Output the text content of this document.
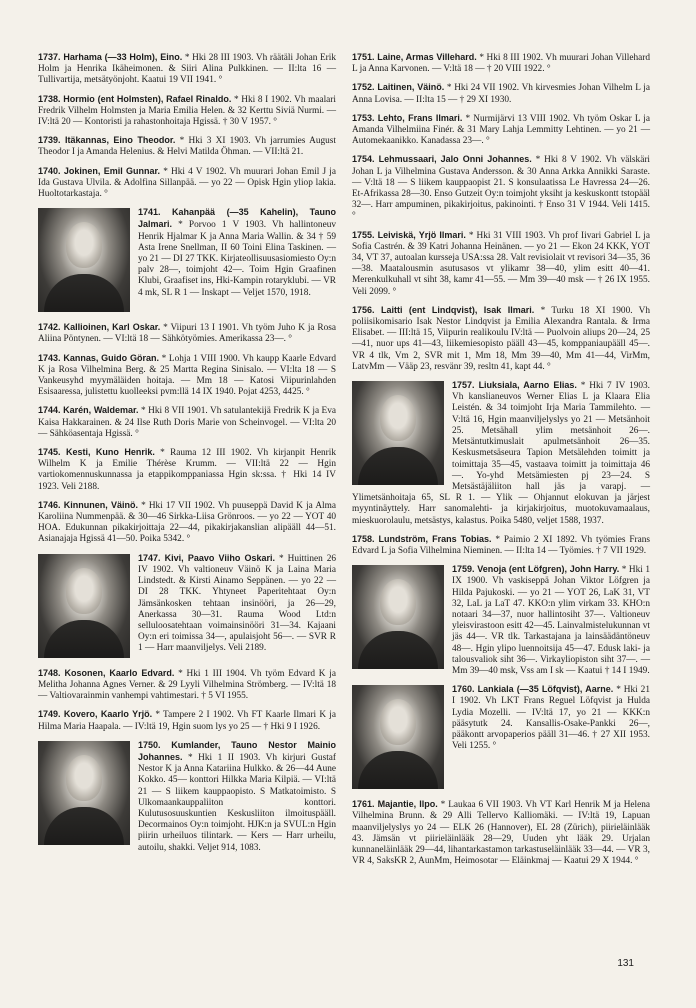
1737. Harhama (—33 Holm), Eino. * Hki 28 III 1903. Vh räätäli Johan Erik Holm ja Henrika Ikäheimonen. & Siiri Alina Pulkkinen. — II:lta 16 — Tullivartija, metsätyönjoht. Kaatui 19 VII 1941. °

1738. Hormio (ent Holmsten), Rafael Rinaldo. * Hki 8 I 1902. Vh maalari Fredrik Vilhelm Holmsten ja Maria Emilia Helen. & 32 Kerttu Siviä Nurmi. — IV:ltä 20 — Kontoristi ja rahastonhoitaja Hgissä. † 30 V 1957. °

1739. Itäkannas, Eino Theodor. * Hki 3 XI 1903. Vh jarrumies August Theodor I ja Amanda Helenius. & Helvi Matilda Öhman. — VII:ltä 21.

1740. Jokinen, Emil Gunnar. * Hki 4 V 1902. Vh muurari Johan Emil J ja Ida Gustava Ulvila. & Adolfina Sillanpää. — yo 22 — Opisk Hgin yliop lakia. Huoltotarkastaja. °

1741. Kahanpää (—35 Kahelin), Tauno Jalmari. * Porvoo 1 V 1903. Vh hallintoneuv Henrik Hjalmar K ja Anna Maria Wallin. & 34 † 59 Asta Irene Snellman, II 60 Toini Elina Taskinen. — yo 21 — DI 27 TKK. Kirjateollisuusasiomiesto Oy:n palv 28—, toimjoht 42—. Toim Hgin Graafinen Klubi, Graafiset ins, Hki-Kampin rotaryklubi. — VR 4 mk, SL R 1 — Inskapt — Veljet 1570, 1918.

1742. Kallioinen, Karl Oskar. * Viipuri 13 I 1901. Vh työm Juho K ja Rosa Aliina Pöntynen. — VI:ltä 18 — Sähkötyömies. Amerikassa 23—. °

1743. Kannas, Guido Göran. * Lohja 1 VIII 1900. Vh kaupp Kaarle Edvard K ja Rosa Vilhelmina Berg. & 25 Martta Regina Sinisalo. — VI:lta 18 — S Vankeusyhd myymäläiden hoitaja. — Mm 18 — Katosi Viipurinlahden Esisaaressa, julistettu kuolleeksi pvm:llä 14 IX 1940. Pojat 4253, 4425. °

1744. Karén, Waldemar. * Hki 8 VII 1901. Vh satulantekijä Fredrik K ja Eva Kaisa Hakkarainen. & 24 Ilse Ruth Doris Marie von Scheinvogel. — VI:lta 20 — Sähköasentaja Hgissä. °

1745. Kesti, Kuno Henrik. * Rauma 12 III 1902. Vh kirjanpit Henrik Wilhelm K ja Emilie Thérèse Krumm. — VII:ltä 22 — Hgin vartiokomennuskunnassa ja etappikomppaniassa Hgin sk:ssa. † Hki 14 IV 1923. Veli 2188.

1746. Kinnunen, Väinö. * Hki 17 VII 1902. Vh puuseppä David K ja Alma Karoliina Nummenpää. & 30—46 Sirkka-Liisa Grönroos. — yo 22 — YOT 40 HOA. Edukunnan pikakirjoittaja 22—44, pikakirjakanslian alipääll 44—51. Asianajaja Hgissä 41—50. Poika 5342. °

1747. Kivi, Paavo Viiho Oskari. * Huittinen 26 IV 1902. Vh valtioneuv Väinö K ja Laina Maria Lindstedt. & Kirsti Ainamo Seppänen. — yo 22 — DI 28 TKK. Yhtyneet Paperitehtaat Oy:n Jämsänkosken tehtaan insinööri, ja 26—29, Anerkassa 30—31. Rauma Wood Ltd:n selluloosatehtaan voimainsinööri 31—34. Kajaani Oy:n eri toimissa 34—, apulaisjoht 56—. — SVR R 1 — Harr maanviljelys. Veli 2189.

1748. Kosonen, Kaarlo Edvard. * Hki 1 III 1904. Vh työm Edvard K ja Melitha Johanna Agnes Verner. & 29 Lyyli Vilhelmina Strömberg. — IV:ltä 18 — Valtiovarainmin vanhempi vahtimestari. † 5 VI 1955.

1749. Kovero, Kaarlo Yrjö. * Tampere 2 I 1902. Vh FT Kaarle Ilmari K ja Hilma Maria Haapala. — IV:ltä 19, Hgin suom lys yo 25 — † Hki 9 I 1926.

1750. Kumlander, Tauno Nestor Mainio Johannes. * Hki 1 II 1903. Vh kirjuri Gustaf Nestor K ja Anna Katariina Hulkko. & 26—44 Aune Kokko. 45— konttori Hilkka Maria Kilpiä. — VI:ltä 21 — S liikem kauppaopisto. S Matkatoimisto. S Ulkomaankauppaliiton konttori. Kulutusosuuskuntien Keskusliiton ilmoituspääll. Decormainos Oy:n toimjoht. HJK:n ja SVUL:n Hgin piirin urheiluos tilintark. — Kers — Harr urheilu, autoilu, shakki. Veljet 914, 1083.

1751. Laine, Armas Villehard. * Hki 8 III 1902. Vh muurari Johan Villehard L ja Anna Karvonen. — V:ltä 18 — † 20 VIII 1922. °

1752. Laitinen, Väinö. * Hki 24 VII 1902. Vh kirvesmies Johan Vilhelm L ja Anna Lovisa. — II:lta 15 — † 29 XI 1930.

1753. Lehto, Frans Ilmari. * Nurmijärvi 13 VIII 1902. Vh työm Oskar L ja Amanda Vilhelmiina Finér. & 31 Mary Lahja Lemmitty Lehtinen. — yo 21 — Automekaanikko. Kanadassa 23—. °

1754. Lehmussaari, Jalo Onni Johannes. * Hki 8 V 1902. Vh välskäri Johan L ja Vilhelmina Gustava Andersson. & 30 Anna Arkka Annikki Saraste. — V:ltä 18 — S liikem kauppaopist 21. S konsulaatissa Le Havressa 24—26. Et-Afrikassa 28—30. Enso Gutzeit Oy:n toimjoht yksiht ja keskuskontt tstopääl 32—. Harr ampuminen, pikakirjoitus, pakinointi. † Enso 31 V 1944. Veli 1415. °

1755. Leiviskä, Yrjö Ilmari. * Hki 31 VIII 1903. Vh prof Iivari Gabriel L ja Sofia Castrén. & 39 Katri Johanna Heinänen. — yo 21 — Ekon 24 KKK, YOT 34, VT 37, autoalan kursseja USA:ssa 28. Valt revisiolait vt revisori 34—35, 36—38. Maatalousmin asutusasos vt ylikamr 38—40, ylim esitt 40—41. Merenkulkuhall vt siht 38, kamr 41—55. — Mm 39—40 msk — † 26 IX 1955. Veli 2099. °

1756. Laitti (ent Lindqvist), Isak Ilmari. * Turku 18 XI 1900. Vh poliisikomisario Isak Nestor Lindqvist ja Emilia Alexandra Rantala. & Irma Elisabet. — III:ltä 15, Viipurin realikoulu IV:ltä — Puolvoin aliups 20—24, 25—41, nuor ups 41—43, liikemiesopisto pääll 43—45, komppaniaupääll 45—. VR 4 tlk, Vm 2, SVR mit 1, Mm 18, Mm 39—40, Mm 41—44, VirMm, LatvMm — Vääp 23, resvänr 39, resltn 41, kapt 44. °

1757. Liuksiala, Aarno Elias. * Hki 7 IV 1903. Vh kanslianeuvos Werner Elias L ja Klaara Elia Leistén. & 34 toimjoht Irja Maria Tammilehto. — V:ltä 16, Hgin maanviljelyslys yo 21 — Metsänhoit 25. Metsähall ylim metsänhoit 26—. Metsäntutkimuslait apulmetsänhoit 26—35. Keskusmetsäseura Tapion Metsälehden toimitt ja toimittaja 35—45, vastaava toimitt ja toimittaja 46—. Yo-yhd Metsämiesten pj 23—24. S Metsästäjäliiton hall jäs ja varapj. — Ylimetsänhoitaja 65, SL R 1. — Ylik — Ohjannut elokuvan ja järjest myyntinäyttely. Harr sanomalehti- ja kirjakirjoitus, muotokuvamaalaus, mieskuorolaulu, metsästys, kalastus. Poika 5480, veljet 1588, 1937.

1758. Lundström, Frans Tobias. * Paimio 2 XI 1892. Vh työmies Frans Edvard L ja Sofia Vilhelmina Nieminen. — II:lta 14 — Työmies. † 7 VII 1929.

1759. Venoja (ent Löfgren), John Harry. * Hki 1 IX 1900. Vh vaskiseppä Johan Viktor Löfgren ja Hilda Pajukoski. — yo 21 — YOT 26, LaK 31, VT 32, LaL ja LaT 47. KKO:n ylim virkam 33. KHO:n notaari 34—37, nuor hallintosiht 37—. Valtioneuv yleisvirastoon esitt 42—45. Lainvalmistelukunnan vt jäs 44—. VR tlk. Tarkastajana ja lainsäädäntöneuv 48—. Hgin ylipo luennoitsija 45—47. Edusk laki- ja talousvaliok siht 36—. Virkayliopiston siht 37—. — Mm 39—40 msk, Vss am I sk — Kaatui † 14 I 1949.

1760. Lankiala (—35 Löfqvist), Aarne. * Hki 21 I 1902. Vh LKT Frans Reguel Löfqvist ja Hulda Lydia Mozelli. — IV:ltä 17, yo 21 — KKK:n pääsytutk 24. Kansallis-Osake-Pankki 26—, pääkontt arvopaperios pääll 31—46. † 27 XII 1953. Veli 1255. °

1761. Majantie, Ilpo. * Laukaa 6 VII 1903. Vh VT Karl Henrik M ja Helena Vilhelmina Brunn. & 29 Alli Tellervo Kalliomäki. — IV:ltä 19, Lapuan maanviljelyslys yo 24 — ELK 26 (Hannover), EL 28 (Zürich), piirieläinlääk 43. Jämsän vt piirieläinlääk 28—29, Uuden yht lääk 29. Urjalan kunnaneläinlääk 29—44, lihantarkastamon tarkastuseläinlääk 33—44. — VR 3, VR 4, SaksKR 2, AunMm, Heimosotar — Eläinkmaj — Kaatui 29 X 1944. °

131
